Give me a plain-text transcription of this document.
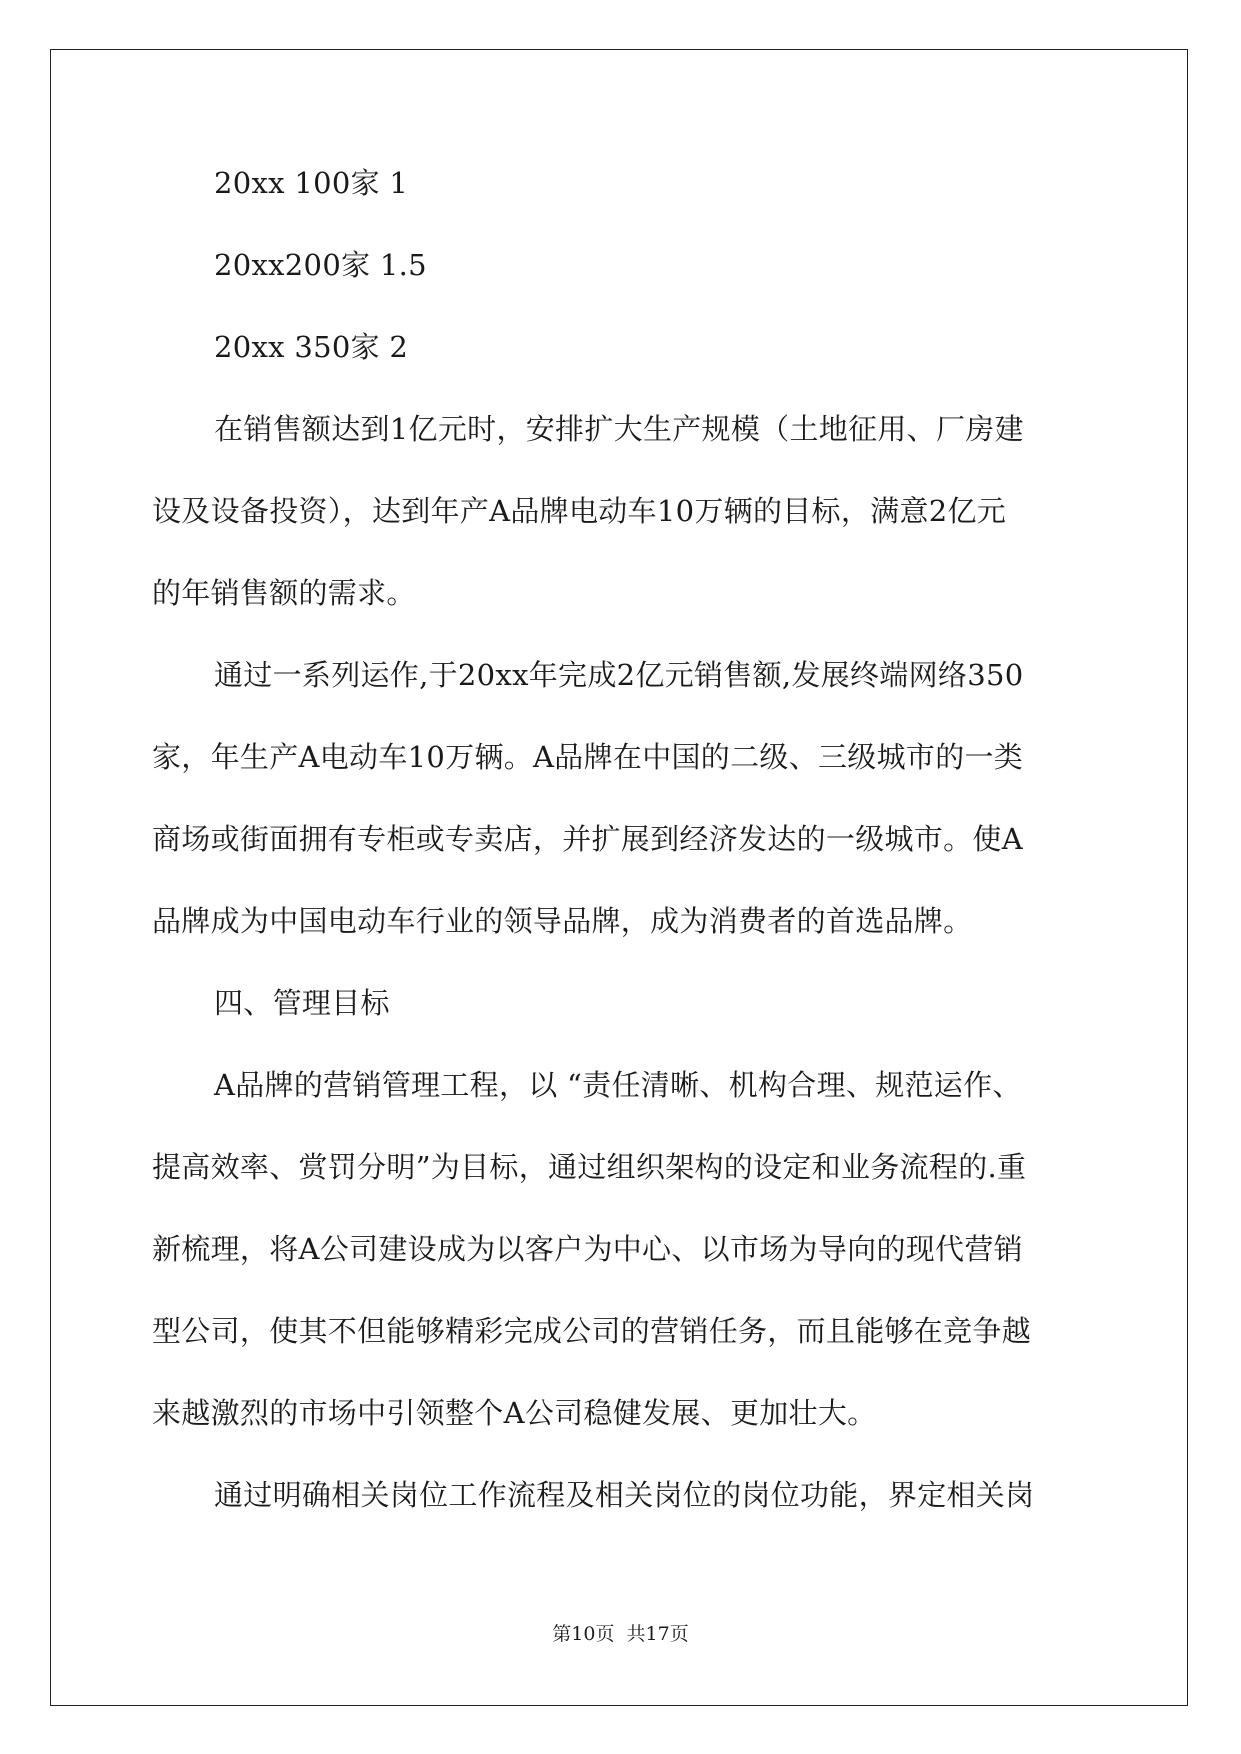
20xx 100家 1
20xx200家 1.5
20xx 350家 2
在销售额达到1亿元时，安排扩大生产规模（土地征用、厂房建
设及设备投资），达到年产A品牌电动车10万辆的目标，满意2亿元
的年销售额的需求。
通过一系列运作,于20xx年完成2亿元销售额,发展终端网络350
家，年生产A电动车10万辆。A品牌在中国的二级、三级城市的一类
商场或街面拥有专柜或专卖店，并扩展到经济发达的一级城市。使A
品牌成为中国电动车行业的领导品牌，成为消费者的首选品牌。
四、管理目标
A品牌的营销管理工程，以 “责任清晰、机构合理、规范运作、
提高效率、赏罚分明”为目标，通过组织架构的设定和业务流程的.重
新梳理，将A公司建设成为以客户为中心、以市场为导向的现代营销
型公司，使其不但能够精彩完成公司的营销任务，而且能够在竞争越
来越激烈的市场中引领整个A公司稳健发展、更加壮大。
通过明确相关岗位工作流程及相关岗位的岗位功能，界定相关岗
第10页 共17页
